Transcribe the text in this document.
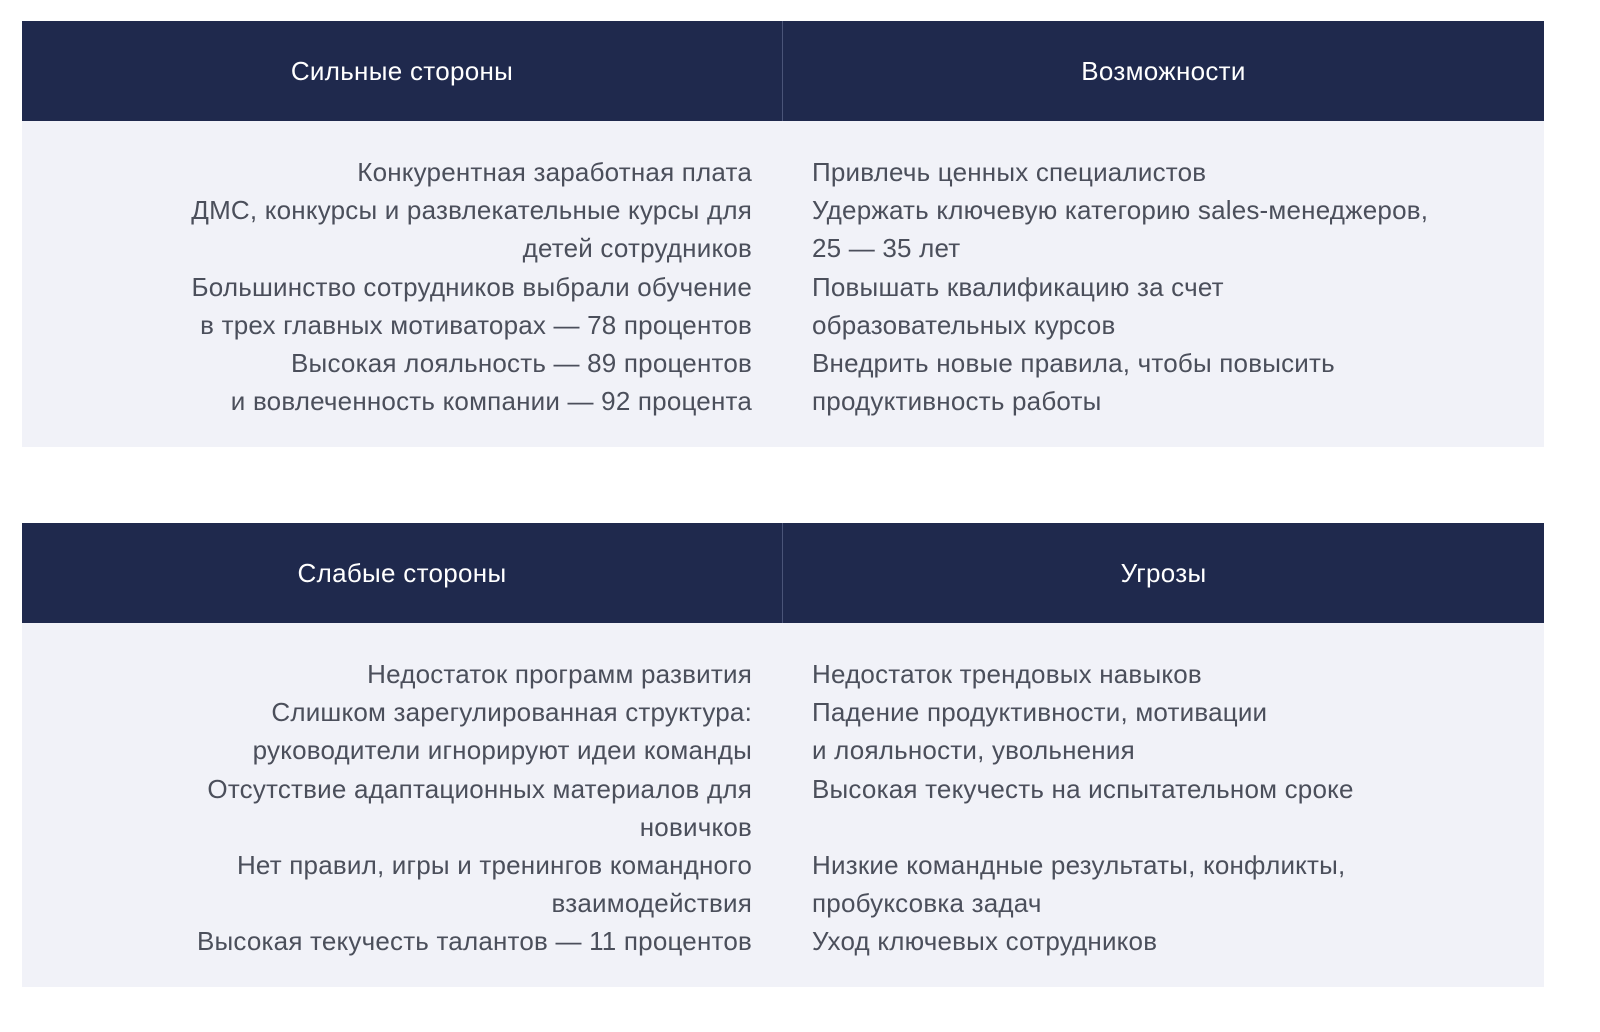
Сильные стороны	Возможности
Конкурентная заработная плата
ДМС, конкурсы и развлекательные курсы для
детей сотрудников
Большинство сотрудников выбрали обучение
в трех главных мотиваторах — 78 процентов
Высокая лояльность — 89 процентов
и вовлеченность компании — 92 процента
Привлечь ценных специалистов
Удержать ключевую категорию sales-менеджеров,
25 — 35 лет
Повышать квалификацию за счет
образовательных курсов
Внедрить новые правила, чтобы повысить
продуктивность работы
Слабые стороны	Угрозы
Недостаток программ развития
Слишком зарегулированная структура:
руководители игнорируют идеи команды
Отсутствие адаптационных материалов для
новичков
Нет правил, игры и тренингов командного
взаимодействия
Высокая текучесть талантов — 11 процентов
Недостаток трендовых навыков
Падение продуктивности, мотивации
и лояльности, увольнения
Высокая текучесть на испытательном сроке
Низкие командные результаты, конфликты,
пробуксовка задач
Уход ключевых сотрудников
